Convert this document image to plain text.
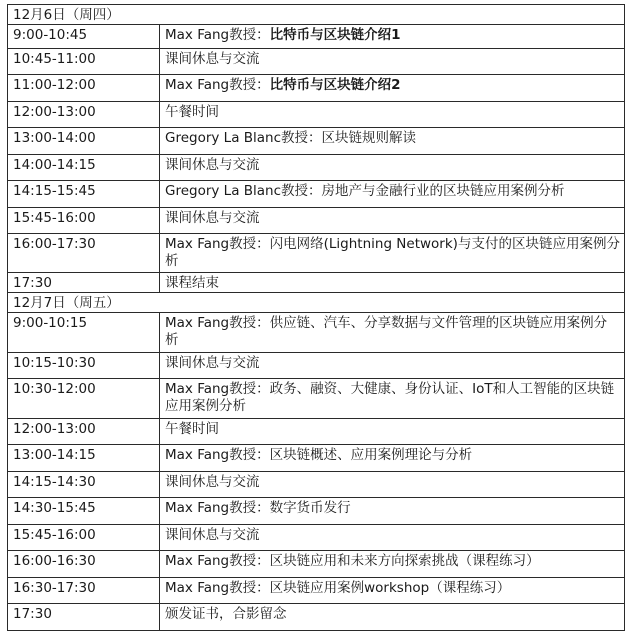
12月6日（周四）	
9:00-10:45	Max Fang教授：比特币与区块链介绍1
10:45-11:00	课间休息与交流
11:00-12:00	Max Fang教授：比特币与区块链介绍2
12:00-13:00	午餐时间
13:00-14:00	Gregory La Blanc教授：区块链规则解读
14:00-14:15	课间休息与交流
14:15-15:45	Gregory La Blanc教授：房地产与金融行业的区块链应用案例分析
15:45-16:00	课间休息与交流
16:00-17:30	Max Fang教授：闪电网络(Lightning Network)与支付的区块链应用案例分析
17:30	课程结束
12月7日（周五）	
9:00-10:15	Max Fang教授：供应链、汽车、分享数据与文件管理的区块链应用案例分析
10:15-10:30	课间休息与交流
10:30-12:00	Max Fang教授：政务、融资、大健康、身份认证、IoT和人工智能的区块链应用案例分析
12:00-13:00	午餐时间
13:00-14:15	Max Fang教授：区块链概述、应用案例理论与分析
14:15-14:30	课间休息与交流
14:30-15:45	Max Fang教授：数字货币发行
15:45-16:00	课间休息与交流
16:00-16:30	Max Fang教授：区块链应用和未来方向探索挑战（课程练习）
16:30-17:30	Max Fang教授：区块链应用案例workshop（课程练习）
17:30	颁发证书，合影留念
